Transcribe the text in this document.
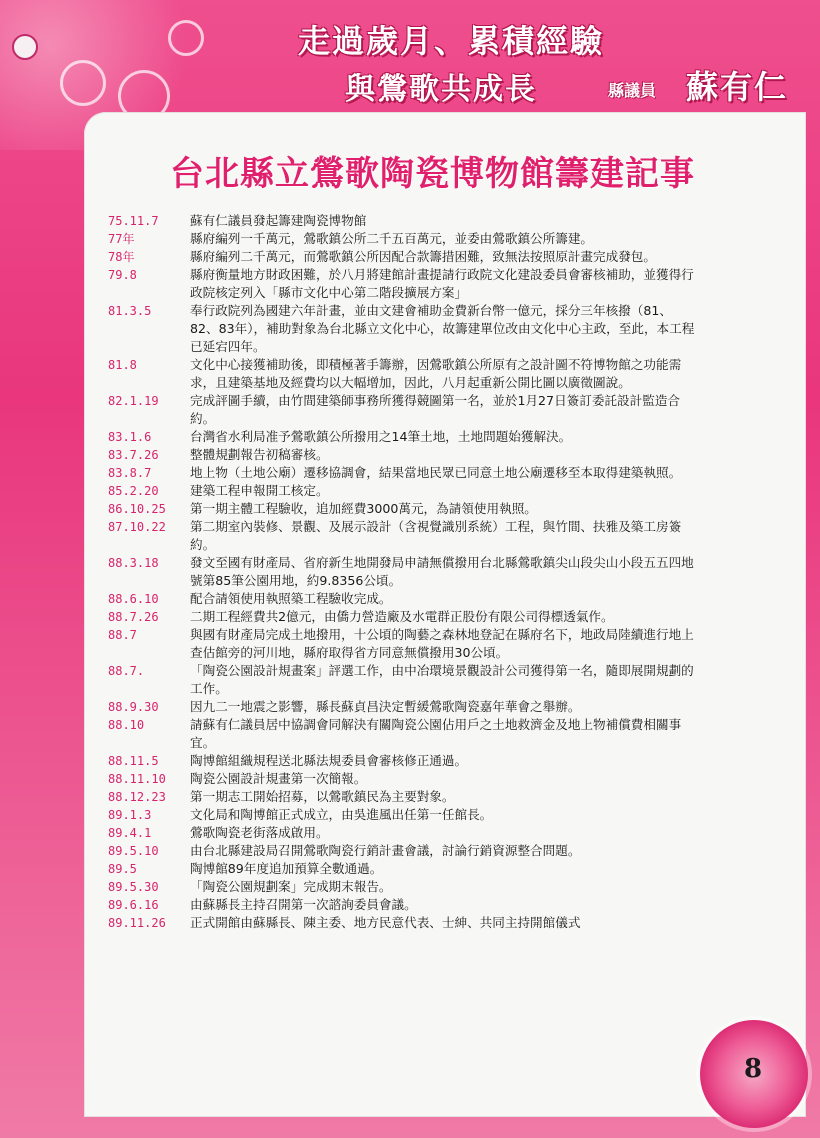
走過歲月、累積經驗
與鶯歌共成長	縣議員 蘇有仁
台北縣立鶯歌陶瓷博物館籌建記事
75.11.7	蘇有仁議員發起籌建陶瓷博物館
77年	縣府編列一千萬元，鶯歌鎮公所二千五百萬元，並委由鶯歌鎮公所籌建。
78年	縣府編列二千萬元，而鶯歌鎮公所因配合款籌措困難，致無法按照原計畫完成發包。
79.8	縣府衡量地方財政困難，於八月將建館計畫提請行政院文化建設委員會審核補助，並獲得行政院核定列入「縣市文化中心第二階段擴展方案」
81.3.5	奉行政院列為國建六年計畫，並由文建會補助金費新台幣一億元，採分三年核撥（81、82、83年），補助對象為台北縣立文化中心，故籌建單位改由文化中心主政，至此，本工程已延宕四年。
81.8	文化中心接獲補助後，即積極著手籌辦，因鶯歌鎮公所原有之設計圖不符博物館之功能需求，且建築基地及經費均以大幅增加，因此，八月起重新公開比圖以廣徵圖說。
82.1.19	完成評圖手續，由竹間建築師事務所獲得競圖第一名，並於1月27日簽訂委託設計監造合約。
83.1.6	台灣省水利局准予鶯歌鎮公所撥用之14筆土地，土地問題始獲解決。
83.7.26	整體規劃報告初稿審核。
83.8.7	地上物（土地公廟）遷移協調會，結果當地民眾已同意土地公廟遷移至本取得建築執照。
85.2.20	建築工程申報開工核定。
86.10.25	第一期主體工程驗收，追加經費3000萬元，為請領使用執照。
87.10.22	第二期室內裝修、景觀、及展示設計（含視覺識別系統）工程，與竹間、扶雅及築工房簽約。
88.3.18	發文至國有財產局、省府新生地開發局申請無償撥用台北縣鶯歌鎮尖山段尖山小段五五四地號第85筆公園用地，約9.8356公頃。
88.6.10	配合請領使用執照築工程驗收完成。
88.7.26	二期工程經費共2億元，由僑力營造廠及水電群正股份有限公司得標透氣作。
88.7	與國有財產局完成土地撥用，十公頃的陶藝之森林地登記在縣府名下，地政局陸續進行地上查估館旁的河川地，縣府取得省方同意無償撥用30公頃。
88.7.	「陶瓷公園設計規畫案」評選工作，由中冶環境景觀設計公司獲得第一名，隨即展開規劃的工作。
88.9.30	因九二一地震之影響，縣長蘇貞昌決定暫緩鶯歌陶瓷嘉年華會之舉辦。
88.10	請蘇有仁議員居中協調會同解決有關陶瓷公園佔用戶之土地救濟金及地上物補償費相關事宜。
88.11.5	陶博館組織規程送北縣法規委員會審核修正通過。
88.11.10	陶瓷公園設計規畫第一次簡報。
88.12.23	第一期志工開始招募，以鶯歌鎮民為主要對象。
89.1.3	文化局和陶博館正式成立，由吳進風出任第一任館長。
89.4.1	鶯歌陶瓷老街落成啟用。
89.5.10	由台北縣建設局召開鶯歌陶瓷行銷計畫會議，討論行銷資源整合問題。
89.5	陶博館89年度追加預算全數通過。
89.5.30	「陶瓷公園規劃案」完成期末報告。
89.6.16	由蘇縣長主持召開第一次諮詢委員會議。
89.11.26	正式開館由蘇縣長、陳主委、地方民意代表、士紳、共同主持開館儀式
8
